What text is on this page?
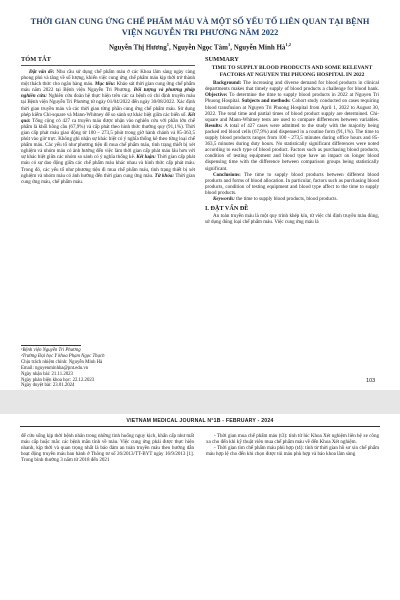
THỜI GIAN CUNG ỨNG CHẾ PHẨM MÁU VÀ MỘT SỐ YẾU TỐ LIÊN QUAN TẠI BỆNH VIỆN NGUYỄN TRI PHƯƠNG NĂM 2022
Nguyễn Thị Hương$^1$, Nguyễn Ngọc Tâm$^1$, Nguyễn Minh Hà$^{1,2}$
TÓM TẮT

Đặt vấn đề: Nhu cầu sử dụng chế phẩm máu ở các Khoa lâm sàng ngày càng phong phú và tăng về số lượng, khiến việc cung ứng chế phẩm máu kịp thời trở thành một thách thức cho ngân hàng máu. Mục tiêu: Khảo sát thời gian cung ứng chế phẩm máu năm 2022 tại Bệnh viện Nguyễn Tri Phương. Đối tượng và phương pháp nghiên cứu: Nghiên cứu đoàn hệ thực hiện trên các ca bệnh có chỉ định truyền máu tại Bệnh viện Nguyễn Tri Phương từ ngày 01/04/2022 đến ngày 30/08/2022. Xác định thời gian truyền máu và các thời gian từng phần cung ứng chế phẩm máu. Sử dụng phép kiểm Chi-square và Mann-Whitney để so sánh sự khác biệt giữa các biến số. Kết quả: Tổng cộng có 427 ca truyền máu được nhận vào nghiên cứu với phần lớn chế phẩm là khối hồng cầu (67,9%) và cấp phát theo hình thức thường quy (91,1%). Thời gian cấp phát máu giao động từ 100 – 273,5 phút trong giờ hành chánh và 85-363,5 phút vào giờ trực. Không ghi nhận sự khác biệt có ý nghĩa thống kê theo từng loại chế phẩm máu. Các yếu tố như phương tiện đi mua chế phẩm máu, tình trạng thiết bị xét nghiệm và nhóm máu có ảnh hưởng đến việc làm thời gian cấp phát máu lâu hơn với sự khác biệt giữa các nhóm so sánh có ý nghĩa thống kê. Kết luận: Thời gian cấp phát máu có sự dao động giữa các chế phẩm máu khác nhau và hình thức cấp phát máu. Trong đó, các yếu tố như phương tiện đi mua chế phẩm máu, tình trạng thiết bị xét nghiệm và nhóm máu có ảnh hưởng đến thời gian cung ứng máu. Từ khóa: Thời gian cung ứng máu, chế phẩm máu.

SUMMARY
TIME TO SUPPLY BLOOD PRODUCTS AND SOME RELEVANT FACTORS AT NGUYEN TRI PHUONG HOSPITAL IN 2022

Background: The increasing and diverse demand for blood products in clinical departments makes that timely supply of blood products a challenge for blood bank. Objective: To determine the time to supply blood products in 2022 at Nguyen Tri Phuong Hospital. Subjects and methods: Cohort study conducted on cases requiring blood transfusion at Nguyen Tri Phuong Hospital from April 1, 2022 to August 30, 2022. The total time and partial times of blood product supply are determined. Chi-square and Mann-Whitney tests are used to compare differences between variables. Results: A total of 427 cases were admitted to the study with the majority being packed red blood cells (67,9%) and dispensed in a routine form (91,1%). The time to supply blood products ranges from 100 - 273,5 minutes during office hours and 85-363,5 minutes during duty hours. No statistically significant differences were noted according to each type of blood product. Factors such as purchasing blood products, condition of testing equipment and blood type have an impact on longer blood dispensing time with the difference between comparison groups being statistically significant.

Conclusions: The time to supply blood products between different blood products and forms of blood allocation. In particular, factors such as purchasing blood products, condition of testing equipment and blood type affect to the time to supply blood products.

Keywords: the time to supply blood products, blood products.

I. ĐẶT VẤN ĐỀ

An toàn truyền máu là một quy trình khép kín, từ việc chỉ định truyền máu đúng, sử dụng đúng loại chế phẩm máu. Việc cung ứng máu là

¹Bệnh viện Nguyễn Tri Phương
²Trường Đại học Y khoa Phạm Ngọc Thạch
Chịu trách nhiệm chính: Nguyễn Minh Hà
Email: nguyenminhha@pnt.edu.vn
Ngày nhận bài: 21.11.2023
Ngày phản biện khoa học: 22.12.2023
Ngày duyệt bài: 23.01.2024
103
VIETNAM MEDICAL JOURNAL N°1B - FEBRUARY - 2024

để cứu sống kịp thời bệnh nhân trong những tình huống nguy kịch, khẩn cấp như mất máu cấp hoặc mắc các bệnh mãn tính về máu. Việc cung ứng phải được thực hiện nhanh, kịp thời và quan trọng nhất là bảo đảm an toàn truyền máu theo hướng dẫn hoạt động truyền máu ban hành ở Thông tư số 26/2013/TT-BYT ngày 16/9/2013 [1]. Trong bình thường 3 năm từ 2018 đến 2021

- Thời gian mua chế phẩm máu (t3): tính từ lúc Khoa Xét nghiệm liên hệ xe công xa cho đến khi kỹ thuật viên mua chế phẩm máu về đến Khoa Xét nghiệm.

- Thời gian tìm chế phẩm máu phù hợp (t4): tính từ thời gian hồ sơ xin chế phẩm máu hợp lệ cho đến khi chọn được túi máu phù hợp và báo khoa lâm sàng
